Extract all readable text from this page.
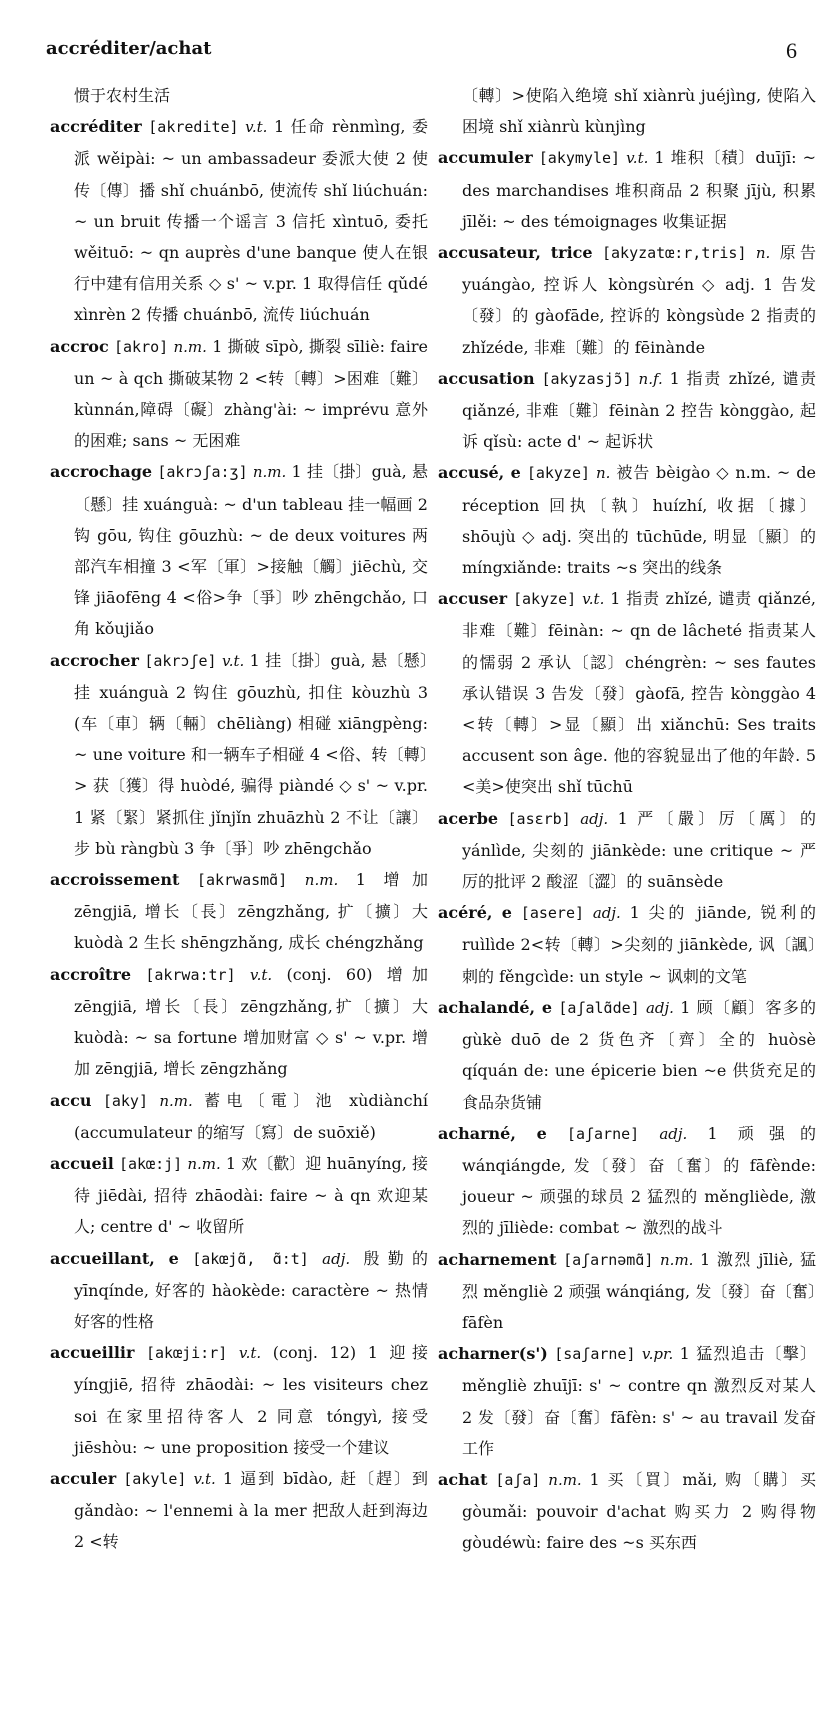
accréditer/achat	6

惯于农村生活

accréditer [akredite] v.t. 1 任命 rènmìng, 委派 wěipài: ~ un ambassadeur 委派大使 2 使传〔傳〕播 shǐ chuánbō, 使流传 shǐ liúchuán: ~ un bruit 传播一个谣言 3 信托 xìntuō, 委托 wěituō: ~ qn auprès d'une banque 使人在银行中建有信用关系 ◇ s' ~ v.pr. 1 取得信任 qǔdé xìnrèn 2 传播 chuánbō, 流传 liúchuán

accroc [akro] n.m. 1 撕破 sīpò, 撕裂 sīliè: faire un ~ à qch 撕破某物 2 <转〔轉〕>困难〔難〕kùnnán,障碍〔礙〕zhàng'ài: ~ imprévu 意外的困难; sans ~ 无困难

accrochage [akrɔʃa:ʒ] n.m. 1 挂〔掛〕guà, 悬〔懸〕挂 xuánguà: ~ d'un tableau 挂一幅画 2 钩 gōu, 钩住 gōuzhù: ~ de deux voitures 两部汽车相撞 3 <军〔軍〕>接触〔觸〕jiēchù, 交锋 jiāofēng 4 <俗>争〔爭〕吵 zhēngchǎo, 口角 kǒujiǎo

accrocher [akrɔʃe] v.t. 1 挂〔掛〕guà, 悬〔懸〕挂 xuánguà 2 钩住 gōuzhù, 扣住 kòuzhù 3 (车〔車〕辆〔輛〕chēliàng) 相碰 xiāngpèng: ~ une voiture 和一辆车子相碰 4 <俗、转〔轉〕> 获〔獲〕得 huòdé, 骗得 piàndé ◇ s' ~ v.pr. 1 紧〔緊〕紧抓住 jǐnjǐn zhuāzhù 2 不让〔讓〕步 bù ràngbù 3 争〔爭〕吵 zhēngchǎo

accroissement [akrwasmɑ̃] n.m. 1 增加 zēngjiā, 增长〔長〕zēngzhǎng, 扩〔擴〕大 kuòdà 2 生长 shēngzhǎng, 成长 chéngzhǎng

accroître [akrwa:tr] v.t. (conj. 60) 增加 zēngjiā, 增长〔長〕zēngzhǎng,扩〔擴〕大 kuòdà: ~ sa fortune 增加财富 ◇ s' ~ v.pr. 增加 zēngjiā, 增长 zēngzhǎng

accu [aky] n.m. 蓄电〔電〕池 xùdiànchí (accumulateur 的缩写〔寫〕de suōxiě)

accueil [akœ:j] n.m. 1 欢〔歡〕迎 huānyíng, 接待 jiēdài, 招待 zhāodài: faire ~ à qn 欢迎某人; centre d' ~ 收留所

accueillant, e [akœjɑ̃, ɑ̃:t] adj. 殷勤的 yīnqínde, 好客的 hàokède: caractère ~ 热情好客的性格

accueillir [akœji:r] v.t. (conj. 12) 1 迎接 yíngjiē, 招待 zhāodài: ~ les visiteurs chez soi 在家里招待客人 2 同意 tóngyì, 接受 jiēshòu: ~ une proposition 接受一个建议

acculer [akyle] v.t. 1 逼到 bīdào, 赶〔趕〕到 gǎndào: ~ l'ennemi à la mer 把敌人赶到海边 2 <转

〔轉〕>使陷入绝境 shǐ xiànrù juéjìng, 使陷入困境 shǐ xiànrù kùnjìng

accumuler [akymyle] v.t. 1 堆积〔積〕duījī: ~ des marchandises 堆积商品 2 积聚 jījù, 积累 jīlěi: ~ des témoignages 收集证据

accusateur, trice [akyzatœ:r,tris] n. 原告 yuángào, 控诉人 kòngsùrén ◇ adj. 1 告发〔發〕的 gàofāde, 控诉的 kòngsùde 2 指责的 zhǐzéde, 非难〔難〕的 fēinànde

accusation [akyzasjɔ̃] n.f. 1 指责 zhǐzé, 谴责 qiǎnzé, 非难〔難〕fēinàn 2 控告 kònggào, 起诉 qǐsù: acte d' ~ 起诉状

accusé, e [akyze] n. 被告 bèigào ◇ n.m. ~ de réception 回执〔執〕huízhí, 收据〔據〕shōujù ◇ adj. 突出的 tūchūde, 明显〔顯〕的 míngxiǎnde: traits ~s 突出的线条

accuser [akyze] v.t. 1 指责 zhǐzé, 谴责 qiǎnzé, 非难〔難〕fēinàn: ~ qn de lâcheté 指责某人的懦弱 2 承认〔認〕chéngrèn: ~ ses fautes 承认错误 3 告发〔發〕gàofā, 控告 kònggào 4 <转〔轉〕>显〔顯〕出 xiǎnchū: Ses traits accusent son âge. 他的容貌显出了他的年龄. 5 <美>使突出 shǐ tūchū

acerbe [asɛrb] adj. 1 严〔嚴〕厉〔厲〕的 yánlìde, 尖刻的 jiānkède: une critique ~ 严厉的批评 2 酸涩〔澀〕的 suānsède

acéré, e [asere] adj. 1 尖的 jiānde, 锐利的 ruìlìde 2<转〔轉〕>尖刻的 jiānkède, 讽〔諷〕刺的 fěngcìde: un style ~ 讽刺的文笔

achalandé, e [aʃalɑ̃de] adj. 1 顾〔顧〕客多的 gùkè duō de 2 货色齐〔齊〕全的 huòsè qíquán de: une épicerie bien ~e 供货充足的食品杂货铺

acharné, e [aʃarne] adj. 1 顽强的 wánqiángde, 发〔發〕奋〔奮〕的 fāfènde: joueur ~ 顽强的球员 2 猛烈的 měngliède, 激烈的 jīliède: combat ~ 激烈的战斗

acharnement [aʃarnəmɑ̃] n.m. 1 激烈 jīliè, 猛烈 měngliè 2 顽强 wánqiáng, 发〔發〕奋〔奮〕fāfèn

acharner(s') [saʃarne] v.pr. 1 猛烈追击〔擊〕měngliè zhuījī: s' ~ contre qn 激烈反对某人 2 发〔發〕奋〔奮〕fāfèn: s' ~ au travail 发奋工作

achat [aʃa] n.m. 1 买〔買〕mǎi, 购〔購〕买 gòumǎi: pouvoir d'achat 购买力 2 购得物 gòudéwù: faire des ~s 买东西
